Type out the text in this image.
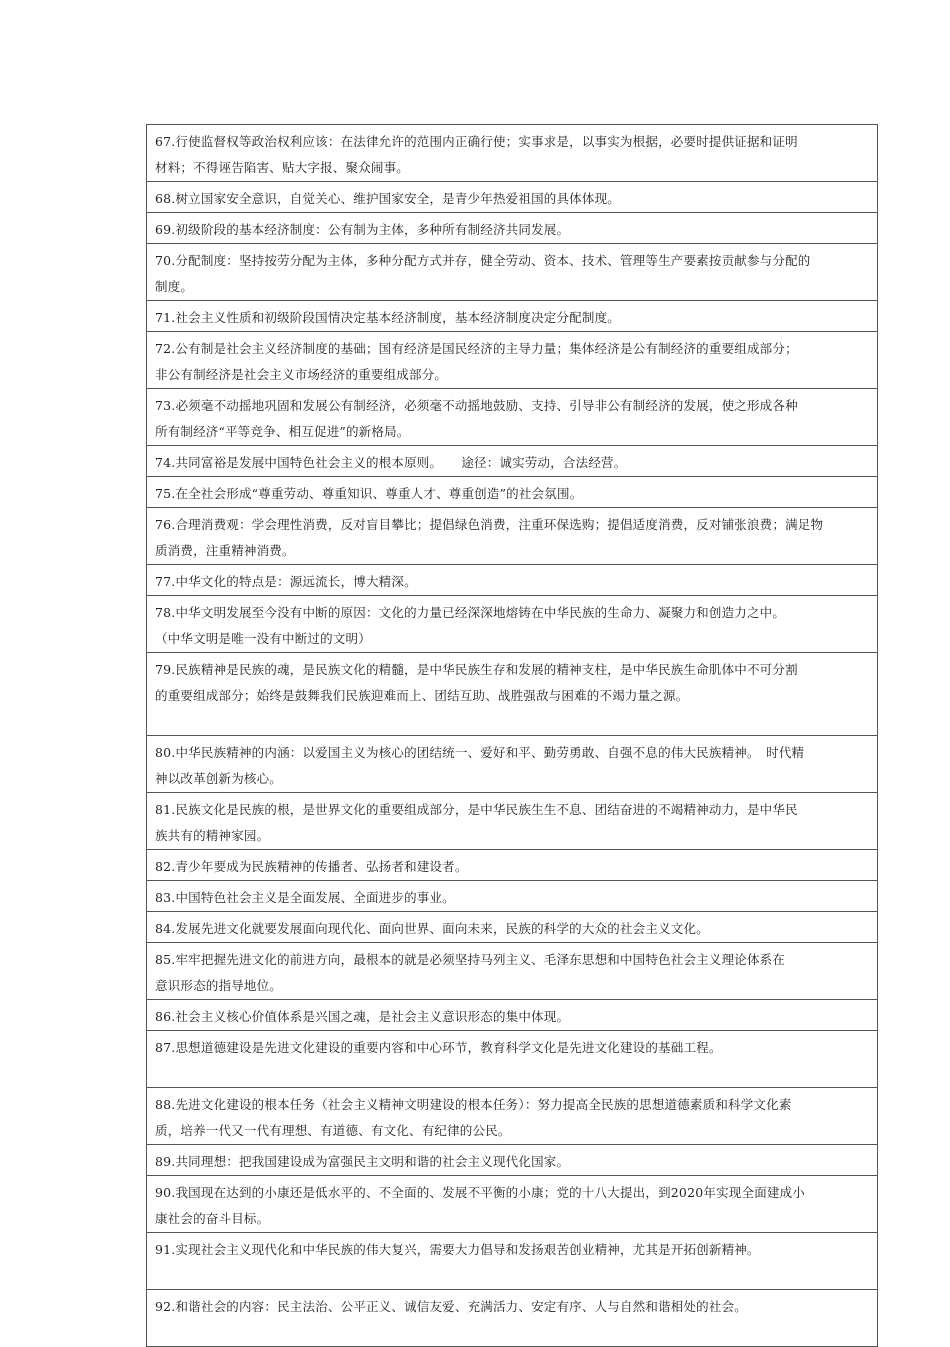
67.行使监督权等政治权利应该：在法律允许的范围内正确行使；实事求是，以事实为根据，必要时提供证据和证明
材料；不得诬告陷害、贴大字报、聚众闹事。
68.树立国家安全意识，自觉关心、维护国家安全，是青少年热爱祖国的具体体现。
69.初级阶段的基本经济制度：公有制为主体，多种所有制经济共同发展。
70.分配制度：坚持按劳分配为主体，多种分配方式并存，健全劳动、资本、技术、管理等生产要素按贡献参与分配的
制度。
71.社会主义性质和初级阶段国情决定基本经济制度，基本经济制度决定分配制度。
72.公有制是社会主义经济制度的基础；国有经济是国民经济的主导力量；集体经济是公有制经济的重要组成部分；
非公有制经济是社会主义市场经济的重要组成部分。
73.必须毫不动摇地巩固和发展公有制经济，必须毫不动摇地鼓励、支持、引导非公有制经济的发展，使之形成各种
所有制经济“平等竞争、相互促进”的新格局。
74.共同富裕是发展中国特色社会主义的根本原则。　　途径：诚实劳动，合法经营。
75.在全社会形成“尊重劳动、尊重知识、尊重人才、尊重创造”的社会氛围。
76.合理消费观：学会理性消费，反对盲目攀比；提倡绿色消费，注重环保选购；提倡适度消费，反对铺张浪费；满足物
质消费，注重精神消费。
77.中华文化的特点是：源远流长，博大精深。
78.中华文明发展至今没有中断的原因：文化的力量已经深深地熔铸在中华民族的生命力、凝聚力和创造力之中。
（中华文明是唯一没有中断过的文明）
79.民族精神是民族的魂，是民族文化的精髓，是中华民族生存和发展的精神支柱，是中华民族生命肌体中不可分割
的重要组成部分；始终是鼓舞我们民族迎难而上、团结互助、战胜强敌与困难的不竭力量之源。

80.中华民族精神的内涵：以爱国主义为核心的团结统一、爱好和平、勤劳勇敢、自强不息的伟大民族精神。　时代精
神以改革创新为核心。
81.民族文化是民族的根，是世界文化的重要组成部分，是中华民族生生不息、团结奋进的不竭精神动力，是中华民
族共有的精神家园。
82.青少年要成为民族精神的传播者、弘扬者和建设者。
83.中国特色社会主义是全面发展、全面进步的事业。
84.发展先进文化就要发展面向现代化、面向世界、面向未来，民族的科学的大众的社会主义文化。
85.牢牢把握先进文化的前进方向，最根本的就是必须坚持马列主义、毛泽东思想和中国特色社会主义理论体系在
意识形态的指导地位。
86.社会主义核心价值体系是兴国之魂，是社会主义意识形态的集中体现。
87.思想道德建设是先进文化建设的重要内容和中心环节，教育科学文化是先进文化建设的基础工程。

88.先进文化建设的根本任务（社会主义精神文明建设的根本任务）：努力提高全民族的思想道德素质和科学文化素
质，培养一代又一代有理想、有道德、有文化、有纪律的公民。
89.共同理想：把我国建设成为富强民主文明和谐的社会主义现代化国家。
90.我国现在达到的小康还是低水平的、不全面的、发展不平衡的小康；党的十八大提出，到2020年实现全面建成小
康社会的奋斗目标。
91.实现社会主义现代化和中华民族的伟大复兴，需要大力倡导和发扬艰苦创业精神，尤其是开拓创新精神。

92.和谐社会的内容：民主法治、公平正义、诚信友爱、充满活力、安定有序、人与自然和谐相处的社会。
